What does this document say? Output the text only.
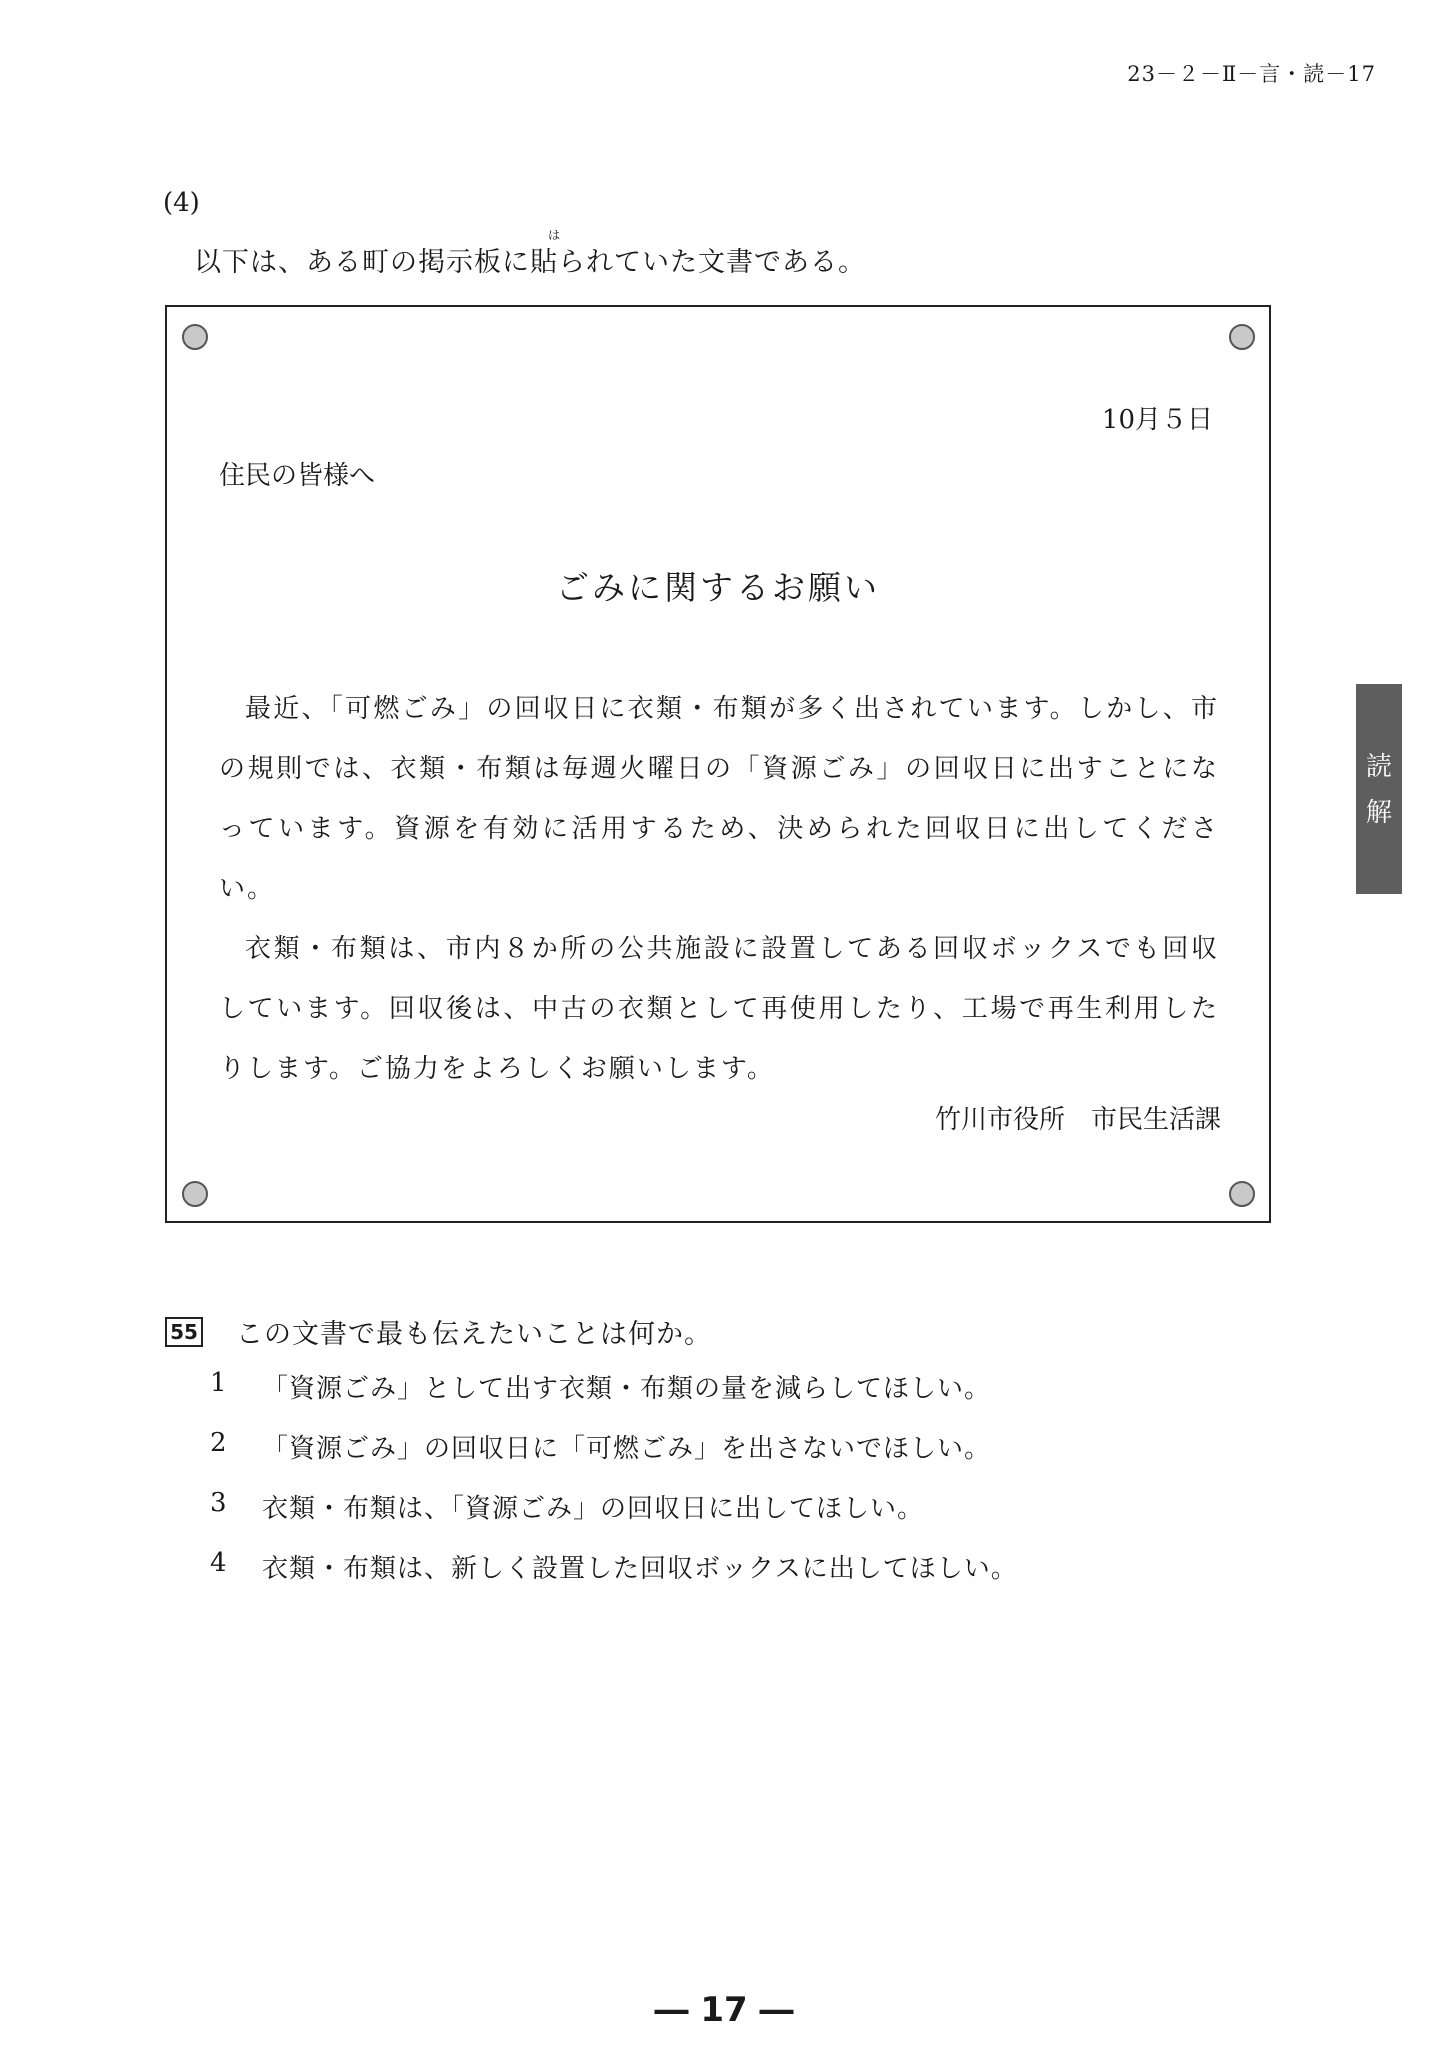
23－２－Ⅱ－言・読－17
(4)
は
以下は、ある町の掲示板に貼られていた文書である。
10月５日
住民の皆様へ
ごみに関するお願い

最近、「可燃ごみ」の回収日に衣類・布類が多く出されています。しかし、市の規則では、衣類・布類は毎週火曜日の「資源ごみ」の回収日に出すことになっています。資源を有効に活用するため、決められた回収日に出してください。

衣類・布類は、市内８か所の公共施設に設置してある回収ボックスでも回収しています。回収後は、中古の衣類として再使用したり、工場で再生利用したりします。ご協力をよろしくお願いします。

竹川市役所　市民生活課
55 この文書で最も伝えたいことは何か。
1	「資源ごみ」として出す衣類・布類の量を減らしてほしい。
2	「資源ごみ」の回収日に「可燃ごみ」を出さないでほしい。
3	衣類・布類は、「資源ごみ」の回収日に出してほしい。
4	衣類・布類は、新しく設置した回収ボックスに出してほしい。
読
解
― 17 ―
